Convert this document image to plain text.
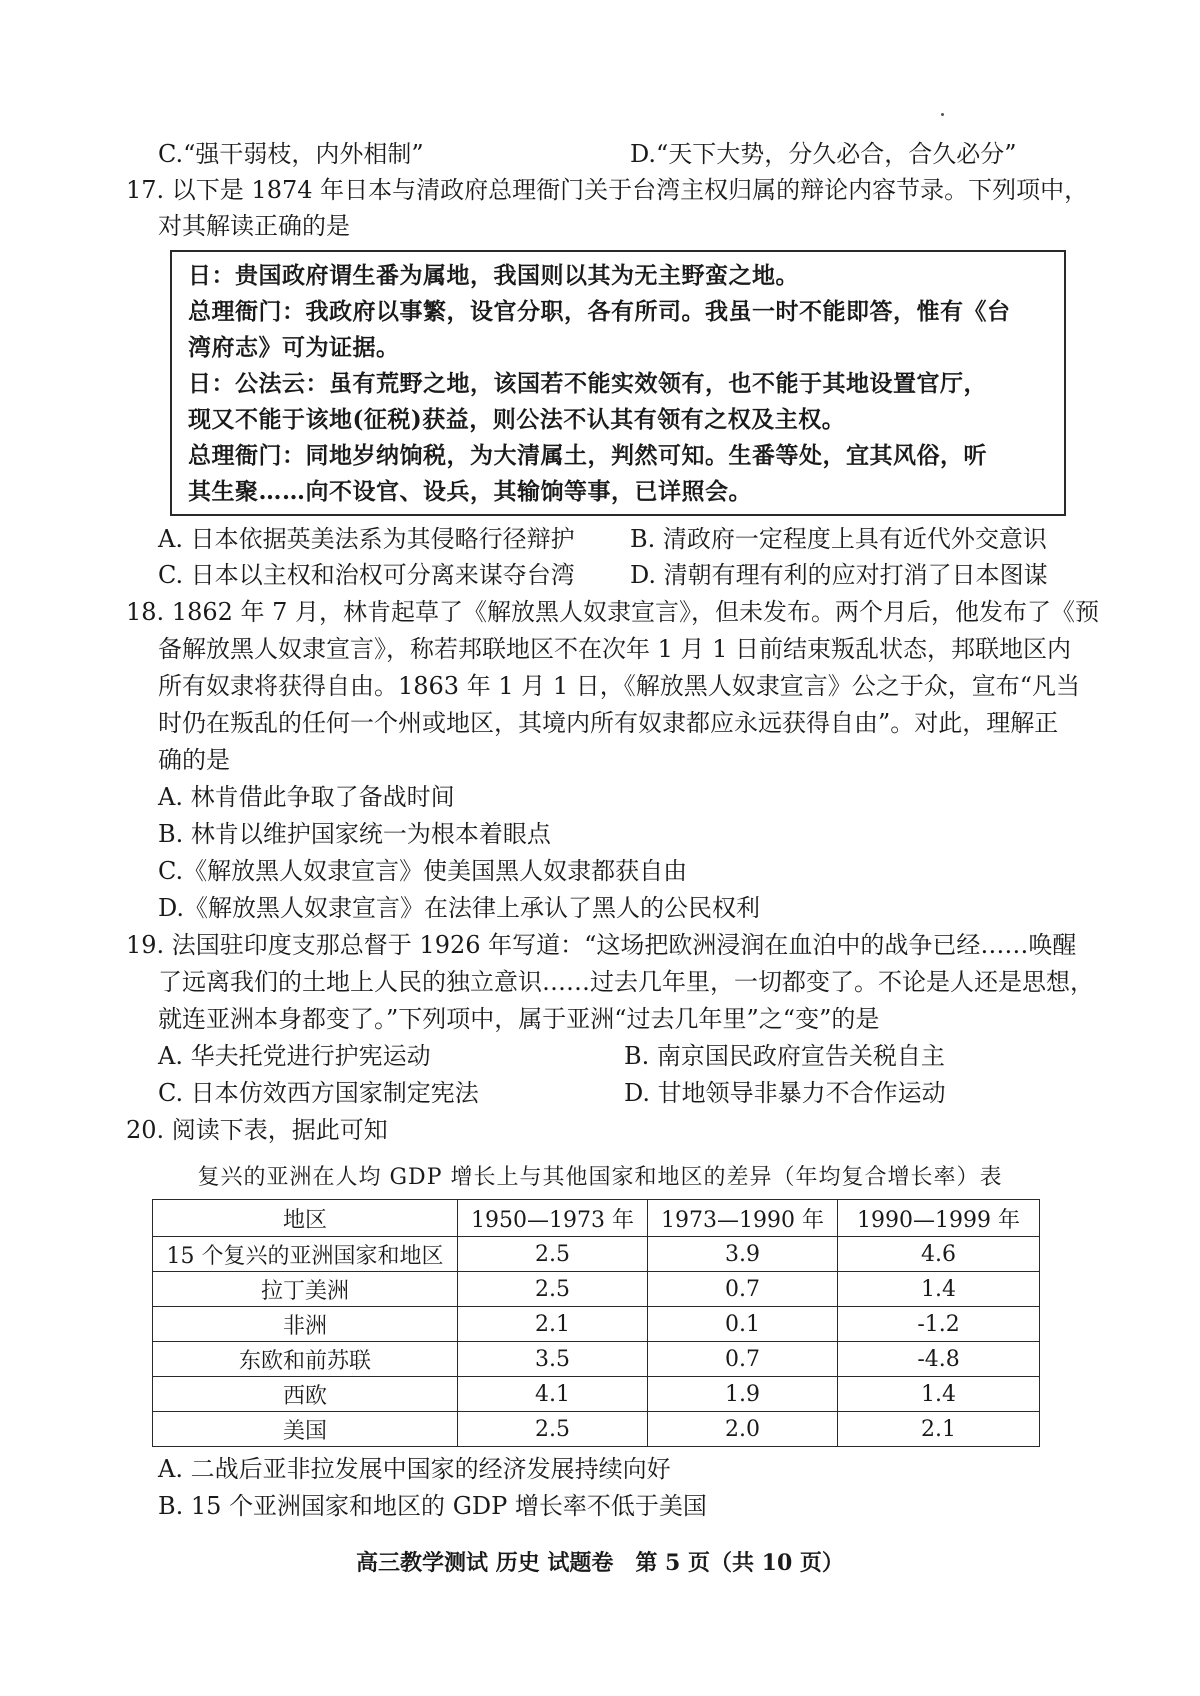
C.“强干弱枝，内外相制”	D.“天下大势，分久必合，合久必分”
17. 以下是 1874 年日本与清政府总理衙门关于台湾主权归属的辩论内容节录。下列项中，
对其解读正确的是
日：贵国政府谓生番为属地，我国则以其为无主野蛮之地。
总理衙门：我政府以事繁，设官分职，各有所司。我虽一时不能即答，惟有《台
湾府志》可为证据。
日：公法云：虽有荒野之地，该国若不能实效领有，也不能于其地设置官厅，
现又不能于该地(征税)获益，则公法不认其有领有之权及主权。
总理衙门：同地岁纳饷税，为大清属土，判然可知。生番等处，宜其风俗，听
其生聚……向不设官、设兵，其输饷等事，已详照会。
A. 日本依据英美法系为其侵略行径辩护 B. 清政府一定程度上具有近代外交意识
C. 日本以主权和治权可分离来谋夺台湾 D. 清朝有理有利的应对打消了日本图谋
18. 1862 年 7 月，林肯起草了《解放黑人奴隶宣言》，但未发布。两个月后，他发布了《预
备解放黑人奴隶宣言》，称若邦联地区不在次年 1 月 1 日前结束叛乱状态，邦联地区内
所有奴隶将获得自由。1863 年 1 月 1 日，《解放黑人奴隶宣言》公之于众，宣布“凡当
时仍在叛乱的任何一个州或地区，其境内所有奴隶都应永远获得自由”。对此，理解正
确的是
A. 林肯借此争取了备战时间
B. 林肯以维护国家统一为根本着眼点
C.《解放黑人奴隶宣言》使美国黑人奴隶都获自由
D.《解放黑人奴隶宣言》在法律上承认了黑人的公民权利
19. 法国驻印度支那总督于 1926 年写道：“这场把欧洲浸润在血泊中的战争已经……唤醒
了远离我们的土地上人民的独立意识……过去几年里，一切都变了。不论是人还是思想，
就连亚洲本身都变了。”下列项中，属于亚洲“过去几年里”之“变”的是
A. 华夫托党进行护宪运动	B. 南京国民政府宣告关税自主
C. 日本仿效西方国家制定宪法	D. 甘地领导非暴力不合作运动
20. 阅读下表，据此可知
复兴的亚洲在人均 GDP 增长上与其他国家和地区的差异（年均复合增长率）表
地区	1950—1973 年	1973—1990 年	1990—1999 年
15 个复兴的亚洲国家和地区	2.5	3.9	4.6
拉丁美洲	2.5	0.7	1.4
非洲	2.1	0.1	-1.2
东欧和前苏联	3.5	0.7	-4.8
西欧	4.1	1.9	1.4
美国	2.5	2.0	2.1
A. 二战后亚非拉发展中国家的经济发展持续向好
B. 15 个亚洲国家和地区的 GDP 增长率不低于美国
高三教学测试 历史 试题卷　第 5 页（共 10 页）
